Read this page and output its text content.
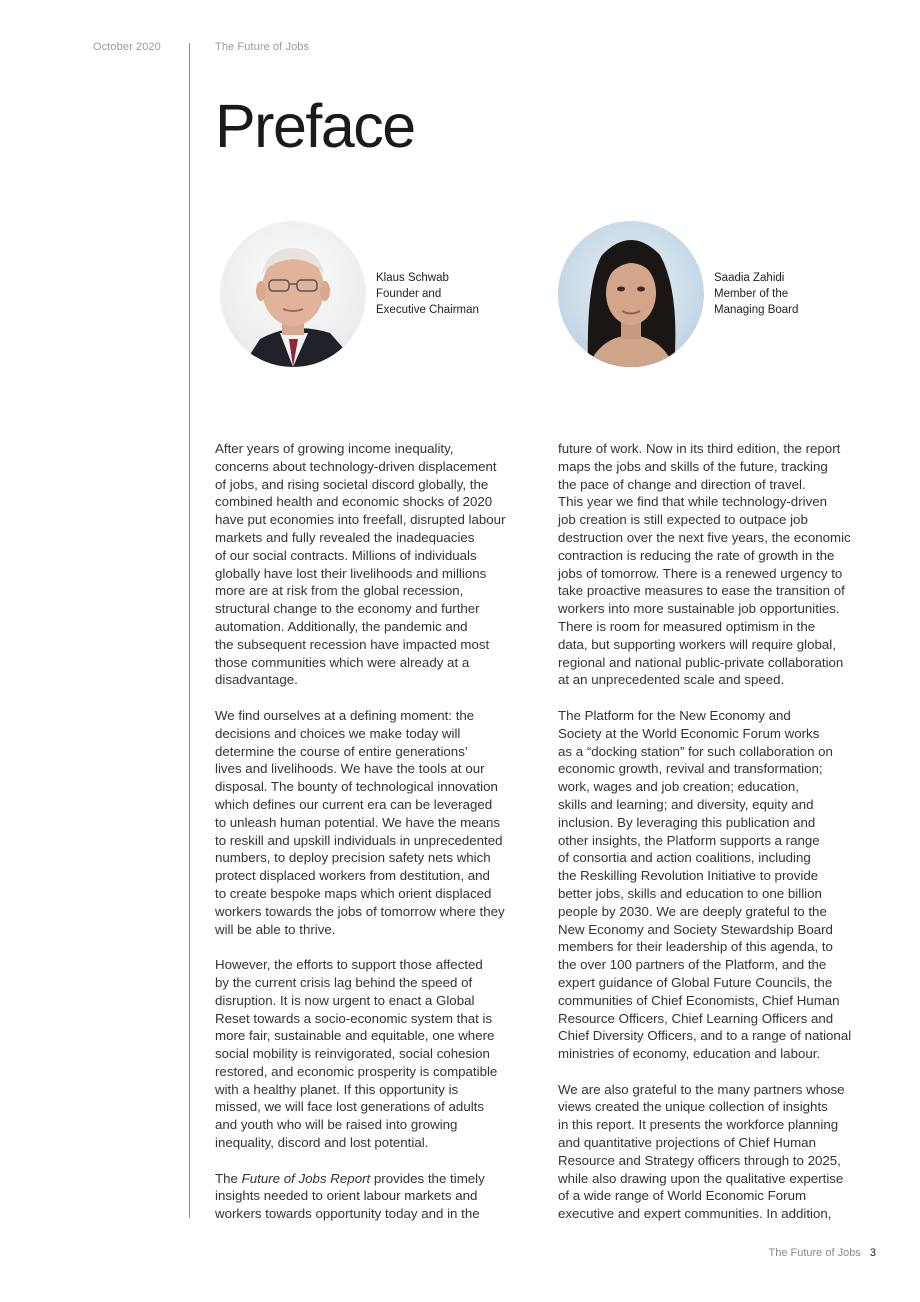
October 2020	The Future of Jobs
Preface
Klaus Schwab
Founder and
Executive Chairman
Saadia Zahidi
Member of the
Managing Board
After years of growing income inequality,
concerns about technology-driven displacement
of jobs, and rising societal discord globally, the
combined health and economic shocks of 2020
have put economies into freefall, disrupted labour
markets and fully revealed the inadequacies
of our social contracts. Millions of individuals
globally have lost their livelihoods and millions
more are at risk from the global recession,
structural change to the economy and further
automation. Additionally, the pandemic and
the subsequent recession have impacted most
those communities which were already at a
disadvantage.
We find ourselves at a defining moment: the
decisions and choices we make today will
determine the course of entire generations’
lives and livelihoods. We have the tools at our
disposal. The bounty of technological innovation
which defines our current era can be leveraged
to unleash human potential. We have the means
to reskill and upskill individuals in unprecedented
numbers, to deploy precision safety nets which
protect displaced workers from destitution, and
to create bespoke maps which orient displaced
workers towards the jobs of tomorrow where they
will be able to thrive.
However, the efforts to support those affected
by the current crisis lag behind the speed of
disruption. It is now urgent to enact a Global
Reset towards a socio-economic system that is
more fair, sustainable and equitable, one where
social mobility is reinvigorated, social cohesion
restored, and economic prosperity is compatible
with a healthy planet. If this opportunity is
missed, we will face lost generations of adults
and youth who will be raised into growing
inequality, discord and lost potential.
The Future of Jobs Report provides the timely
insights needed to orient labour markets and
workers towards opportunity today and in the
future of work. Now in its third edition, the report
maps the jobs and skills of the future, tracking
the pace of change and direction of travel.
This year we find that while technology-driven
job creation is still expected to outpace job
destruction over the next five years, the economic
contraction is reducing the rate of growth in the
jobs of tomorrow. There is a renewed urgency to
take proactive measures to ease the transition of
workers into more sustainable job opportunities.
There is room for measured optimism in the
data, but supporting workers will require global,
regional and national public-private collaboration
at an unprecedented scale and speed.
The Platform for the New Economy and
Society at the World Economic Forum works
as a “docking station” for such collaboration on
economic growth, revival and transformation;
work, wages and job creation; education,
skills and learning; and diversity, equity and
inclusion. By leveraging this publication and
other insights, the Platform supports a range
of consortia and action coalitions, including
the Reskilling Revolution Initiative to provide
better jobs, skills and education to one billion
people by 2030. We are deeply grateful to the
New Economy and Society Stewardship Board
members for their leadership of this agenda, to
the over 100 partners of the Platform, and the
expert guidance of Global Future Councils, the
communities of Chief Economists, Chief Human
Resource Officers, Chief Learning Officers and
Chief Diversity Officers, and to a range of national
ministries of economy, education and labour.
We are also grateful to the many partners whose
views created the unique collection of insights
in this report. It presents the workforce planning
and quantitative projections of Chief Human
Resource and Strategy officers through to 2025,
while also drawing upon the qualitative expertise
of a wide range of World Economic Forum
executive and expert communities. In addition,
The Future of Jobs 3
